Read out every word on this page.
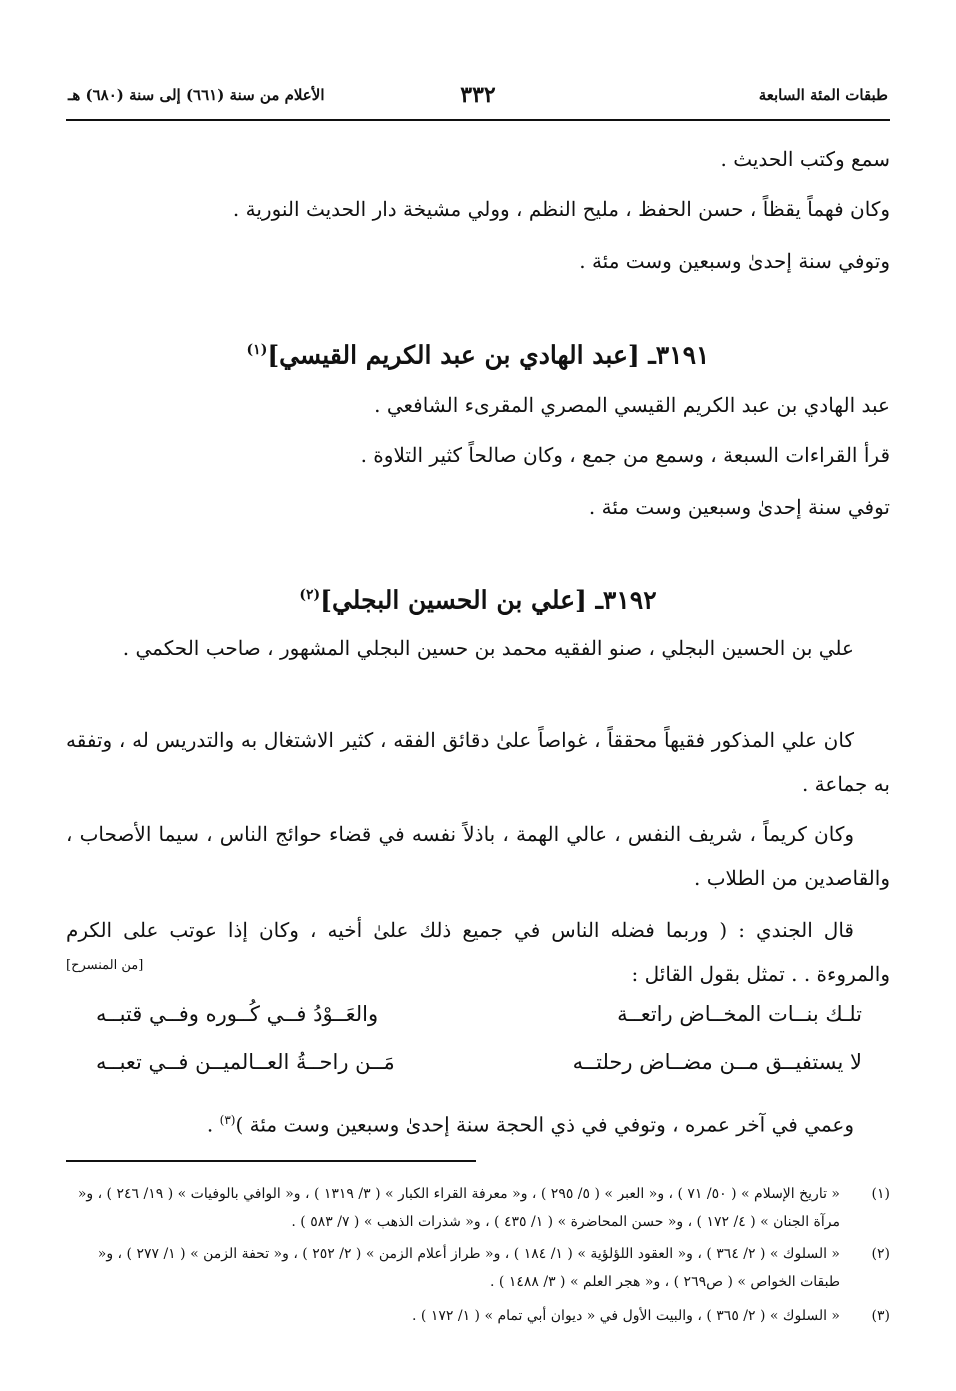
طبقات المئة السابعة
٣٣٢
الأعلام من سنة (٦٦١) إلى سنة (٦٨٠) هـ
سمع وكتب الحديث .
وكان فهماً يقظاً ، حسن الحفظ ، مليح النظم ، وولي مشيخة دار الحديث النورية .
وتوفي سنة إحدىٰ وسبعين وست مئة .
٣١٩١ـ [عبد الهادي بن عبد الكريم القيسي]$^{(١)}$
عبد الهادي بن عبد الكريم القيسي المصري المقرىء الشافعي .
قرأ القراءات السبعة ، وسمع من جمع ، وكان صالحاً كثير التلاوة .
توفي سنة إحدىٰ وسبعين وست مئة .
٣١٩٢ـ [علي بن الحسين البجلي]$^{(٢)}$
علي بن الحسين البجلي ، صنو الفقيه محمد بن حسين البجلي المشهور ، صاحب الحكمي .
كان علي المذكور فقيهاً محققاً ، غواصاً علىٰ دقائق الفقه ، كثير الاشتغال به والتدريس له ، وتفقه به جماعة .
وكان كريماً ، شريف النفس ، عالي الهمة ، باذلاً نفسه في قضاء حوائج الناس ، سيما الأصحاب ، والقاصدين من الطلاب .
قال الجندي : ( وربما فضله الناس في جميع ذلك علىٰ أخيه ، وكان إذا عوتب على الكرم والمروءة . . تمثل بقول القائل :
[من المنسرح]
تلـك بنــات المخــاض راتعــة
والعَــوْدُ فــي كُــوره وفــي قتبــه
لا يستفيــق مــن مضــاض رحلتــه
مَــن راحــةُ العــالميــن فــي تعبــه
وعمي في آخر عمره ، وتوفي في ذي الحجة سنة إحدىٰ وسبعين وست مئة )$^{(٣)}$ .
(١)
« تاريخ الإسلام » ( ٥٠/ ٧١ ) ، و« العبر » ( ٥/ ٢٩٥ ) ، و« معرفة القراء الكبار » ( ٣/ ١٣١٩ ) ، و« الوافي بالوفيات » ( ١٩/ ٢٤٦ ) ، و« مرآة الجنان » ( ٤/ ١٧٢ ) ، و« حسن المحاضرة » ( ١/ ٤٣٥ ) ، و« شذرات الذهب » ( ٧/ ٥٨٣ ) .
(٢)
« السلوك » ( ٢/ ٣٦٤ ) ، و« العقود اللؤلؤية » ( ١/ ١٨٤ ) ، و« طراز أعلام الزمن » ( ٢/ ٢٥٢ ) ، و« تحفة الزمن » ( ١/ ٢٧٧ ) ، و« طبقات الخواص » ( ص٢٦٩ ) ، و« هجر العلم » ( ٣/ ١٤٨٨ ) .
(٣)
« السلوك » ( ٢/ ٣٦٥ ) ، والبيت الأول في « ديوان أبي تمام » ( ١/ ١٧٢ ) .
